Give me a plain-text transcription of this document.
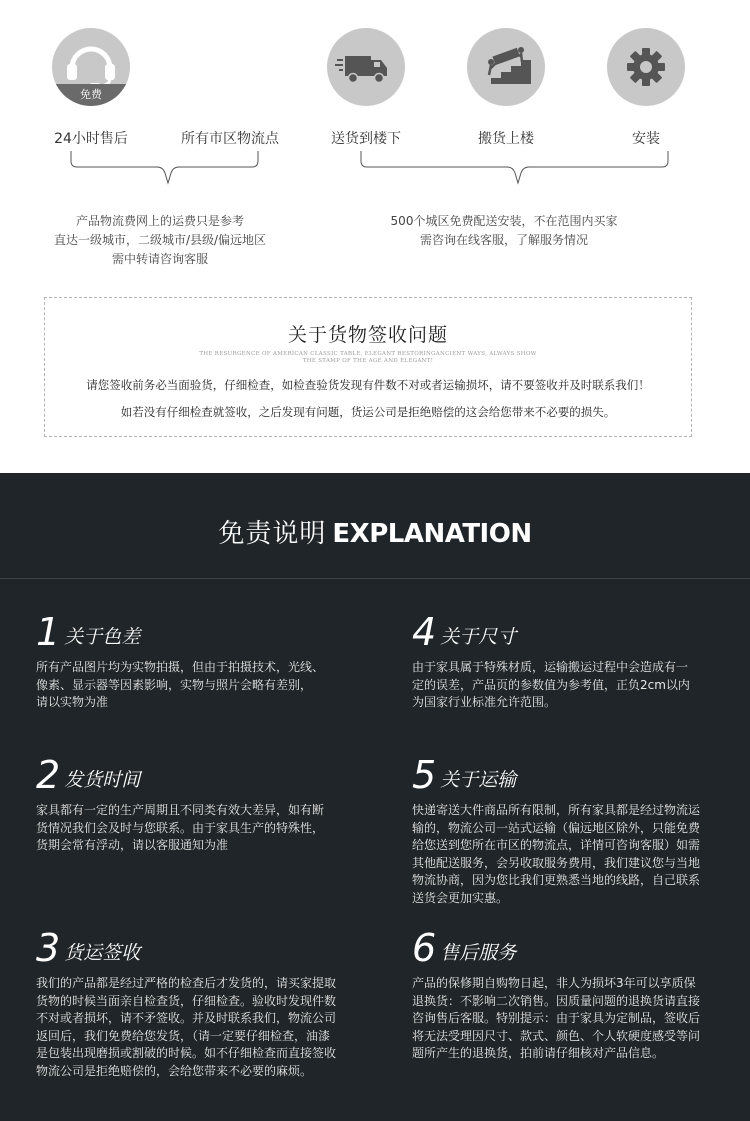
免费
24小时售后	所有市区物流点	送货到楼下	搬货上楼	安装
产品物流费网上的运费只是参考
直达一级城市，二级城市/县级/偏远地区
需中转请咨询客服
500个城区免费配送安装，不在范围内买家
需咨询在线客服，了解服务情况
关于货物签收问题
THE RESURGENCE OF AMERICAN CLASSIC TABLE, ELEGANT RESTORINGANCIENT WAYS, ALWAYS SHOW THE STAMP OF THE AGE AND ELEGANT!
请您签收前务必当面验货，仔细检查，如检查验货发现有件数不对或者运输损坏，请不要签收并及时联系我们！
如若没有仔细检查就签收，之后发现有问题，货运公司是拒绝赔偿的这会给您带来不必要的损失。
免责说明 EXPLANATION
1 关于色差
所有产品图片均为实物拍摄，但由于拍摄技术，光线、
像素、显示器等因素影响，实物与照片会略有差别，
请以实物为准
2 发货时间
家具都有一定的生产周期且不同类有效大差异，如有断
货情况我们会及时与您联系。由于家具生产的特殊性，
货期会常有浮动，请以客服通知为准
3 货运签收
我们的产品都是经过严格的检查后才发货的，请买家提取
货物的时候当面亲自检查货，仔细检查。验收时发现件数
不对或者损坏，请不矛签收。并及时联系我们，物流公司
返回后，我们免费给您发货，（请一定要仔细检查，油漆
是包装出现磨损或割破的时候。如不仔细检查而直接签收
物流公司是拒绝赔偿的，会给您带来不必要的麻烦。
4 关于尺寸
由于家具属于特殊材质，运输搬运过程中会造成有一
定的误差，产品页的参数值为参考值，正负2cm以内
为国家行业标准允许范围。
5 关于运输
快递寄送大件商品所有限制，所有家具都是经过物流运
输的，物流公司一站式运输（偏远地区除外，只能免费
给您送到您所在市区的物流点，详情可咨询客服）如需
其他配送服务，会另收取服务费用，我们建议您与当地
物流协商，因为您比我们更熟悉当地的线路，自己联系
送货会更加实惠。
6 售后服务
产品的保修期自购物日起，非人为损坏3年可以享质保
退换货：不影响二次销售。因质量问题的退换货请直接
咨询售后客服。特别提示：由于家具为定制品，签收后
将无法受理因尺寸、款式、颜色、个人软硬度感受等问
题所产生的退换货，拍前请仔细核对产品信息。
